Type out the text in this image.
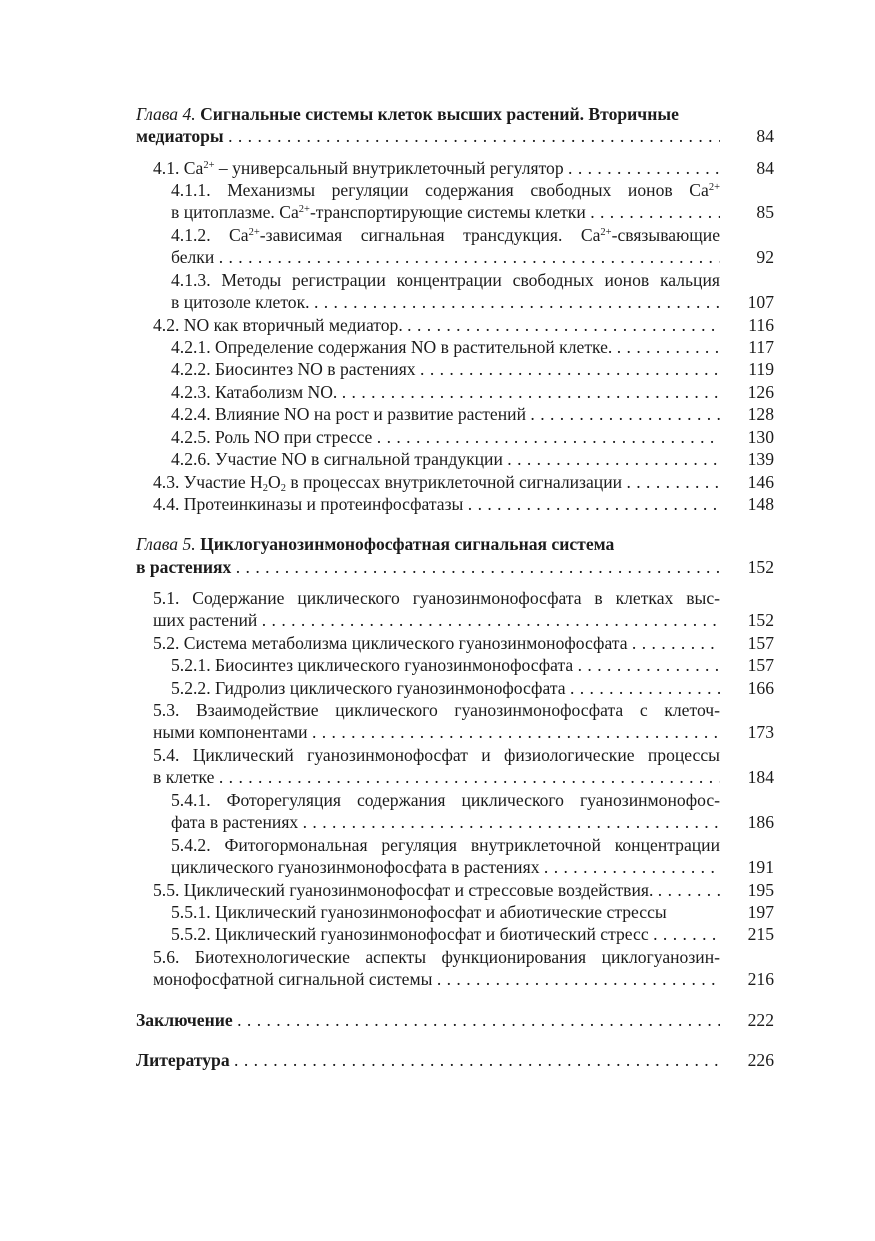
Глава 4. Сигнальные системы клеток высших растений. Вторичные
медиаторы . . .	84
4.1. $Ca^{2+}$ – универсальный внутриклеточный регулятор . . .	84
4.1.1. Механизмы регуляции содержания свободных ионов $Ca^{2+}$
в цитоплазме. $Ca^{2+}$-транспортирующие системы клетки . . .	85
4.1.2. $Ca^{2+}$-зависимая сигнальная трансдукция. $Ca^{2+}$-связывающие
белки . . .	92
4.1.3. Методы регистрации концентрации свободных ионов кальция
в цитозоле клеток. . . .	107
4.2. NO как вторичный медиатор. . . .	116
4.2.1. Определение содержания NO в растительной клетке. . . .	117
4.2.2. Биосинтез NO в растениях . . .	119
4.2.3. Катаболизм NO. . . .	126
4.2.4. Влияние NO на рост и развитие растений . . .	128
4.2.5. Роль NO при стрессе . . .	130
4.2.6. Участие NO в сигнальной трандукции . . .	139
4.3. Участие $H_2O_2$ в процессах внутриклеточной сигнализации . . .	146
4.4. Протеинкиназы и протеинфосфатазы . . .	148
Глава 5. Циклогуанозинмонофосфатная сигнальная система
в растениях . . .	152
5.1. Содержание циклического гуанозинмонофосфата в клетках выс-
ших растений . . .	152
5.2. Система метаболизма циклического гуанозинмонофосфата . . .	157
5.2.1. Биосинтез циклического гуанозинмонофосфата . . .	157
5.2.2. Гидролиз циклического гуанозинмонофосфата . . .	166
5.3. Взаимодействие циклического гуанозинмонофосфата с клеточ-
ными компонентами . . .	173
5.4. Циклический гуанозинмонофосфат и физиологические процессы
в клетке . . .	184
5.4.1. Фоторегуляция содержания циклического гуанозинмонофос-
фата в растениях . . .	186
5.4.2. Фитогормональная регуляция внутриклеточной концентрации
циклического гуанозинмонофосфата в растениях . . .	191
5.5. Циклический гуанозинмонофосфат и стрессовые воздействия. . . .	195
5.5.1. Циклический гуанозинмонофосфат и абиотические стрессы	197
5.5.2. Циклический гуанозинмонофосфат и биотический стресс . . .	215
5.6. Биотехнологические аспекты функционирования циклогуанозин-
монофосфатной сигнальной системы . . .	216
Заключение . . .	222
Литература . . .	226
